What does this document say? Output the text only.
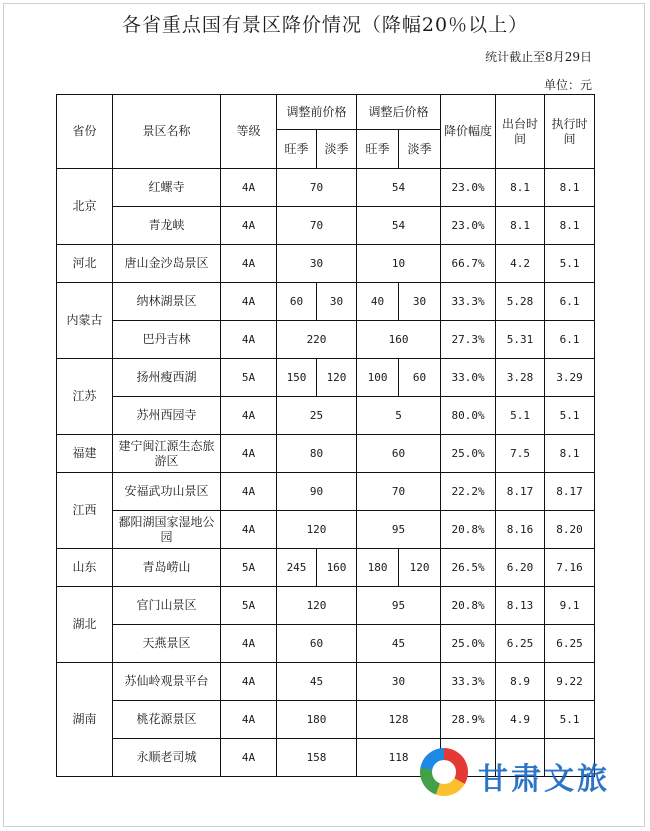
各省重点国有景区降价情况（降幅20％以上）
统计截止至8月29日
单位：元
省份	景区名称	等级	调整前价格		调整后价格		降价幅度	出台时间	执行时间
			旺季	淡季	旺季	淡季			
北京	红螺寺	4A	70		54		23.0%	8.1	8.1
	青龙峡	4A	70		54		23.0%	8.1	8.1
河北	唐山金沙岛景区	4A	30		10		66.7%	4.2	5.1
内蒙古	纳林湖景区	4A	60	30	40	30	33.3%	5.28	6.1
	巴丹吉林	4A	220		160		27.3%	5.31	6.1
江苏	扬州瘦西湖	5A	150	120	100	60	33.0%	3.28	3.29
	苏州西园寺	4A	25		5		80.0%	5.1	5.1
福建	建宁闽江源生态旅游区	4A	80		60		25.0%	7.5	8.1
江西	安福武功山景区	4A	90		70		22.2%	8.17	8.17
	鄱阳湖国家湿地公园	4A	120		95		20.8%	8.16	8.20
山东	青岛崂山	5A	245	160	180	120	26.5%	6.20	7.16
湖北	官门山景区	5A	120		95		20.8%	8.13	9.1
	天燕景区	4A	60		45		25.0%	6.25	6.25
湖南	苏仙岭观景平台	4A	45		30		33.3%	8.9	9.22
	桃花源景区	4A	180		128		28.9%	4.9	5.1
	永顺老司城	4A	158		118				
甘肃文旅
